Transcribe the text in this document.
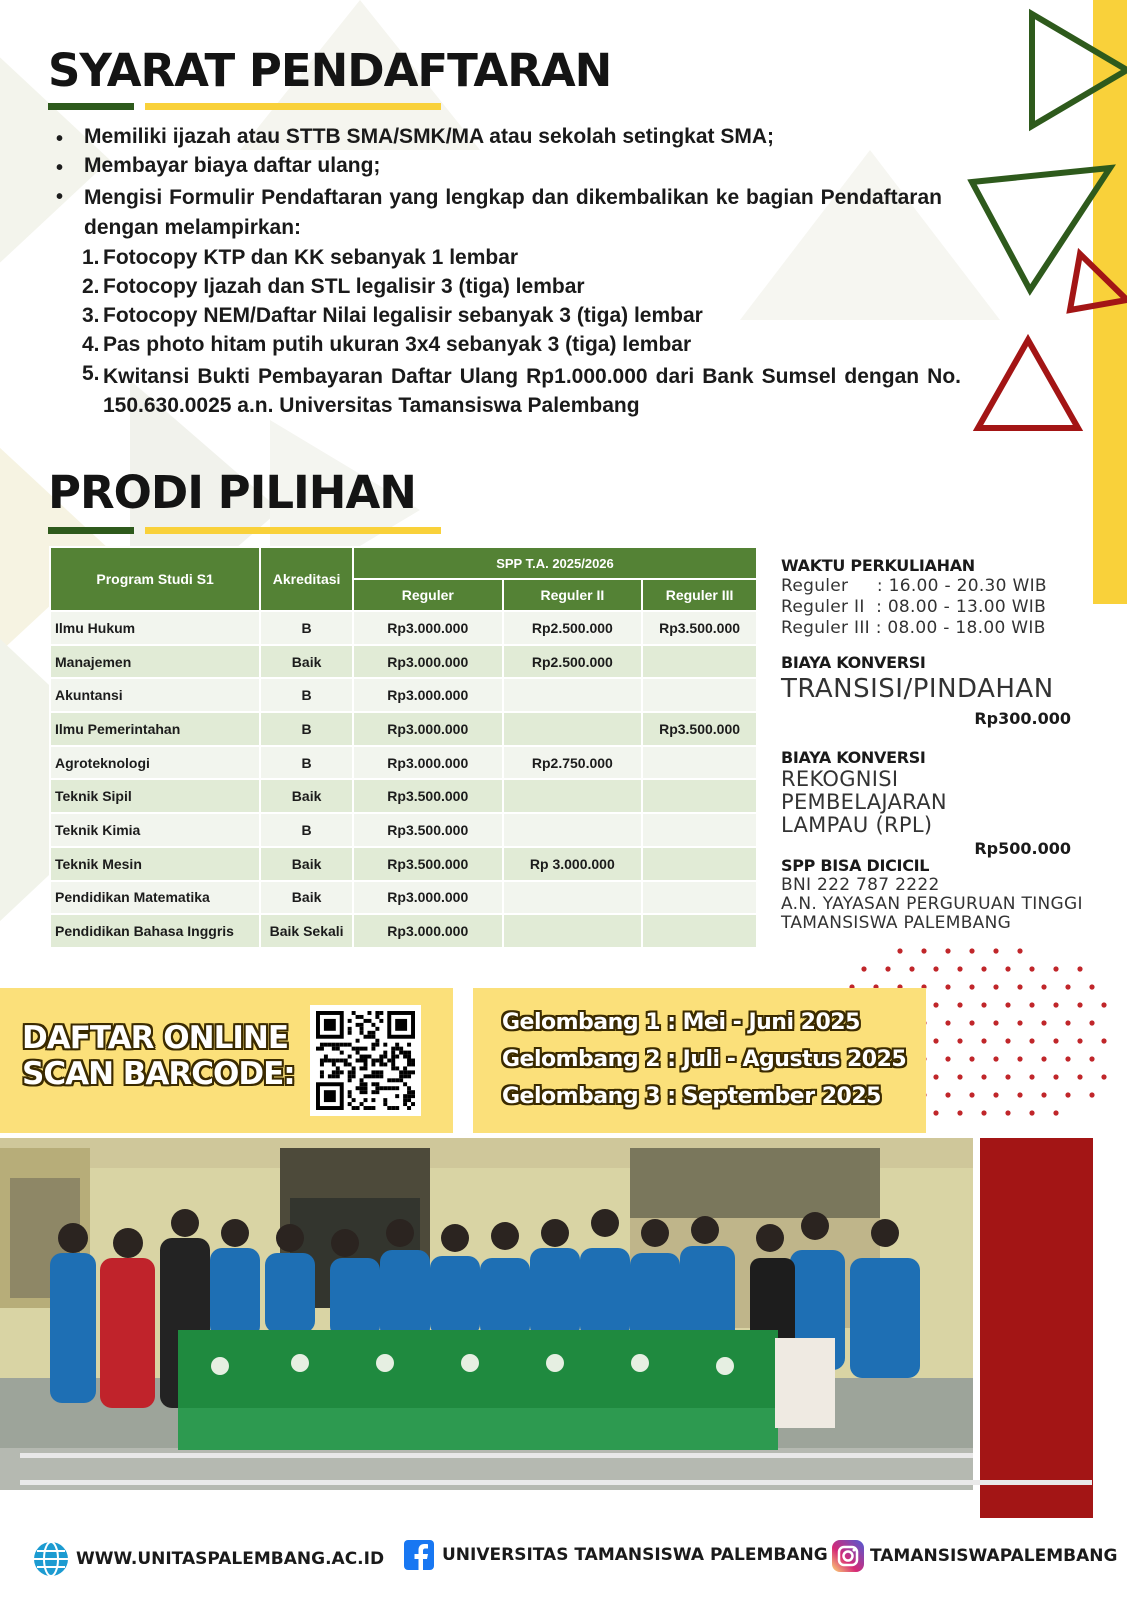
SYARAT PENDAFTARAN
• Memiliki ijazah atau STTB SMA/SMK/MA atau sekolah setingkat SMA;
• Membayar biaya daftar ulang;
• Mengisi Formulir Pendaftaran yang lengkap dan dikembalikan ke bagian Pendaftaran dengan melampirkan:
1. Fotocopy KTP dan KK sebanyak 1 lembar
2. Fotocopy Ijazah dan STL legalisir 3 (tiga) lembar
3. Fotocopy NEM/Daftar Nilai legalisir sebanyak 3 (tiga) lembar
4. Pas photo hitam putih ukuran 3x4 sebanyak 3 (tiga) lembar
5. Kwitansi Bukti Pembayaran Daftar Ulang Rp1.000.000 dari Bank Sumsel dengan No. 150.630.0025 a.n. Universitas Tamansiswa Palembang
PRODI PILIHAN
Program Studi S1	Akreditasi	SPP T.A. 2025/2026		
		Reguler	Reguler II	Reguler III
Ilmu Hukum	B	Rp3.000.000	Rp2.500.000	Rp3.500.000
Manajemen	Baik	Rp3.000.000	Rp2.500.000	
Akuntansi	B	Rp3.000.000		
Ilmu Pemerintahan	B	Rp3.000.000		Rp3.500.000
Agroteknologi	B	Rp3.000.000	Rp2.750.000	
Teknik Sipil	Baik	Rp3.500.000		
Teknik Kimia	B	Rp3.500.000		
Teknik Mesin	Baik	Rp3.500.000	Rp 3.000.000	
Pendidikan Matematika	Baik	Rp3.000.000		
Pendidikan Bahasa Inggris	Baik Sekali	Rp3.000.000		
WAKTU PERKULIAHAN
Reguler     : 16.00 - 20.30 WIB
Reguler II  : 08.00 - 13.00 WIB
Reguler III : 08.00 - 18.00 WIB
BIAYA KONVERSI
TRANSISI/PINDAHAN
Rp300.000
BIAYA KONVERSI
REKOGNISI PEMBELAJARAN
LAMPAU (RPL)
Rp500.000
SPP BISA DICICIL
BNI 222 787 2222
A.N. YAYASAN PERGURUAN TINGGI
TAMANSISWA PALEMBANG
DAFTAR ONLINE
SCAN BARCODE:
Gelombang 1 : Mei - Juni 2025
Gelombang 2 : Juli - Agustus 2025
Gelombang 3 : September 2025
WWW.UNITASPALEMBANG.AC.ID	UNIVERSITAS TAMANSISWA PALEMBANG TAMANSISWAPALEMBANG
